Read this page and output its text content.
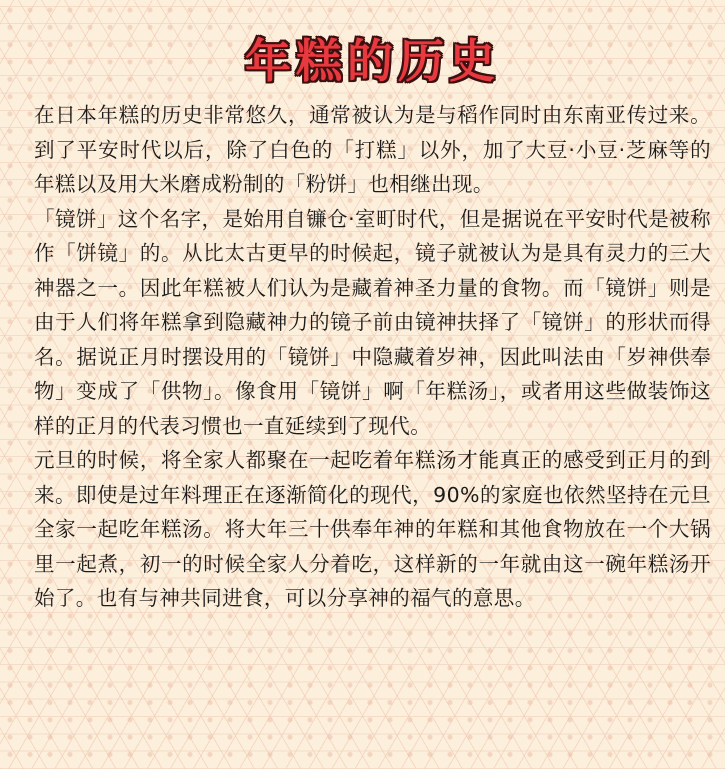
年糕的历史

在日本年糕的历史非常悠久，通常被认为是与稻作同时由东南亚传过来。到了平安时代以后，除了白色的「打糕」以外，加了大豆·小豆·芝麻等的年糕以及用大米磨成粉制的「粉饼」也相继出现。

「镜饼」这个名字，是始用自镰仓·室町时代，但是据说在平安时代是被称作「饼镜」的。从比太古更早的时候起，镜子就被认为是具有灵力的三大神器之一。因此年糕被人们认为是藏着神圣力量的食物。而「镜饼」则是由于人们将年糕拿到隐藏神力的镜子前由镜神扶择了「镜饼」的形状而得名。据说正月时摆设用的「镜饼」中隐藏着岁神，因此叫法由「岁神供奉物」变成了「供物」。像食用「镜饼」啊「年糕汤」，或者用这些做装饰这样的正月的代表习惯也一直延续到了现代。

元旦的时候，将全家人都聚在一起吃着年糕汤才能真正的感受到正月的到来。即使是过年料理正在逐渐简化的现代，90%的家庭也依然坚持在元旦全家一起吃年糕汤。将大年三十供奉年神的年糕和其他食物放在一个大锅里一起煮，初一的时候全家人分着吃，这样新的一年就由这一碗年糕汤开始了。也有与神共同进食，可以分享神的福气的意思。
